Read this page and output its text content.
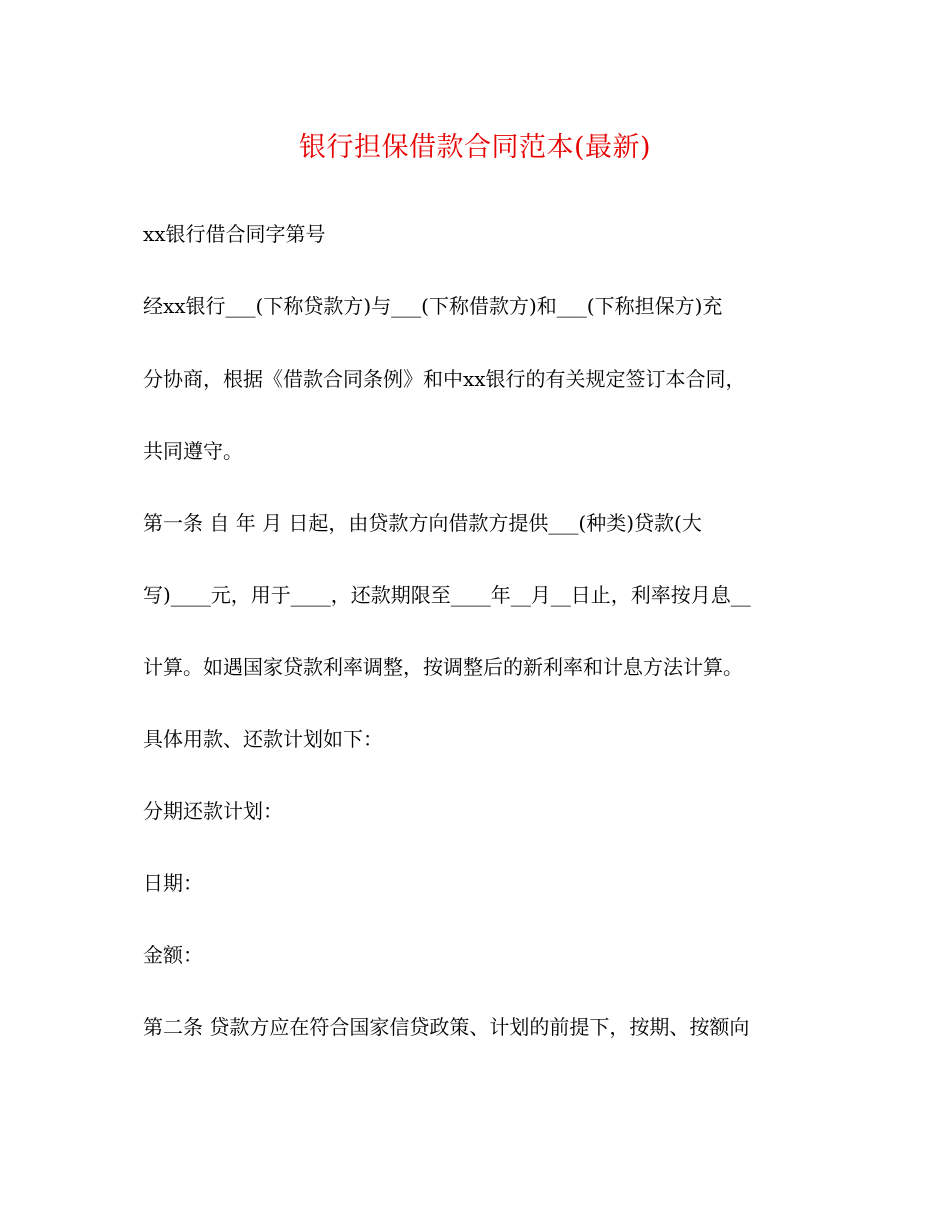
银行担保借款合同范本(最新)
xx银行借合同字第号
经xx银行___(下称贷款方)与___(下称借款方)和___(下称担保方)充
分协商，根据《借款合同条例》和中xx银行的有关规定签订本合同，
共同遵守。
第一条 自 年 月 日起，由贷款方向借款方提供___(种类)贷款(大
写)____元，用于____，还款期限至____年__月__日止，利率按月息__
计算。如遇国家贷款利率调整，按调整后的新利率和计息方法计算。
具体用款、还款计划如下：
分期还款计划：
日期：
金额：
第二条 贷款方应在符合国家信贷政策、计划的前提下，按期、按额向
